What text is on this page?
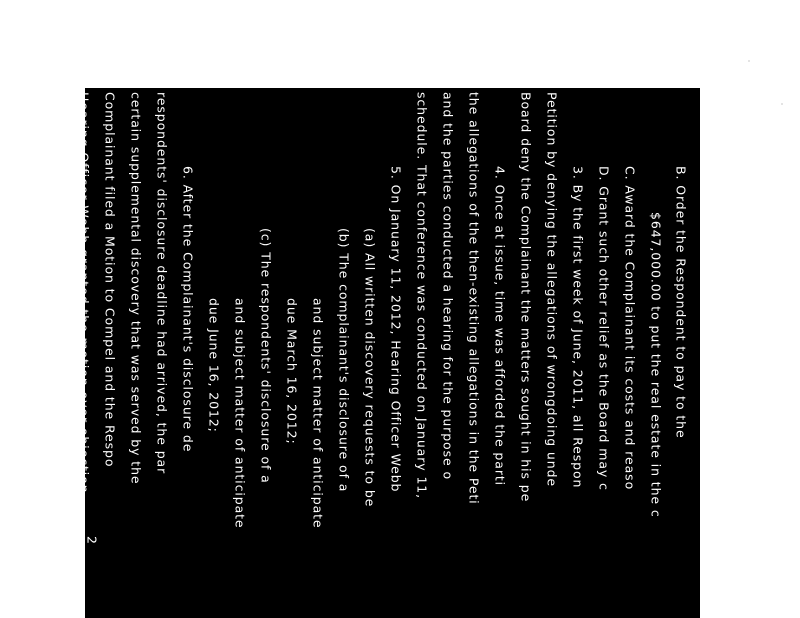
B. Order the Respondent to pay to the
$647,000.00 to put the real estate in the c
C. Award the Complainant its costs and reaso
D. Grant such other relief as the Board may c
3. By the first week of June, 2011, all Respon
Petition by denying the allegations of wrongdoing unde
Board deny the Complainant the matters sought in his pe
4. Once at issue, time was afforded the parti
the allegations of the then-existing allegations in the Peti
and the parties conducted a hearing for the purpose o
schedule. That conference was conducted on January 11,
5. On January 11, 2012, Hearing Officer Webb
(a) All written discovery requests to be
(b) The complainant's disclosure of a
and subject matter of anticipate
due March 16, 2012;
(c) The respondents' disclosure of a
and subject matter of anticipate
due June 16, 2012;
6. After the Complainant's disclosure de
respondents' disclosure deadline had arrived, the par
certain supplemental discovery that was served by the
Complainant filed a Motion to Compel and the Respo
Hearing Officer Webb granted the motion over objection
2
